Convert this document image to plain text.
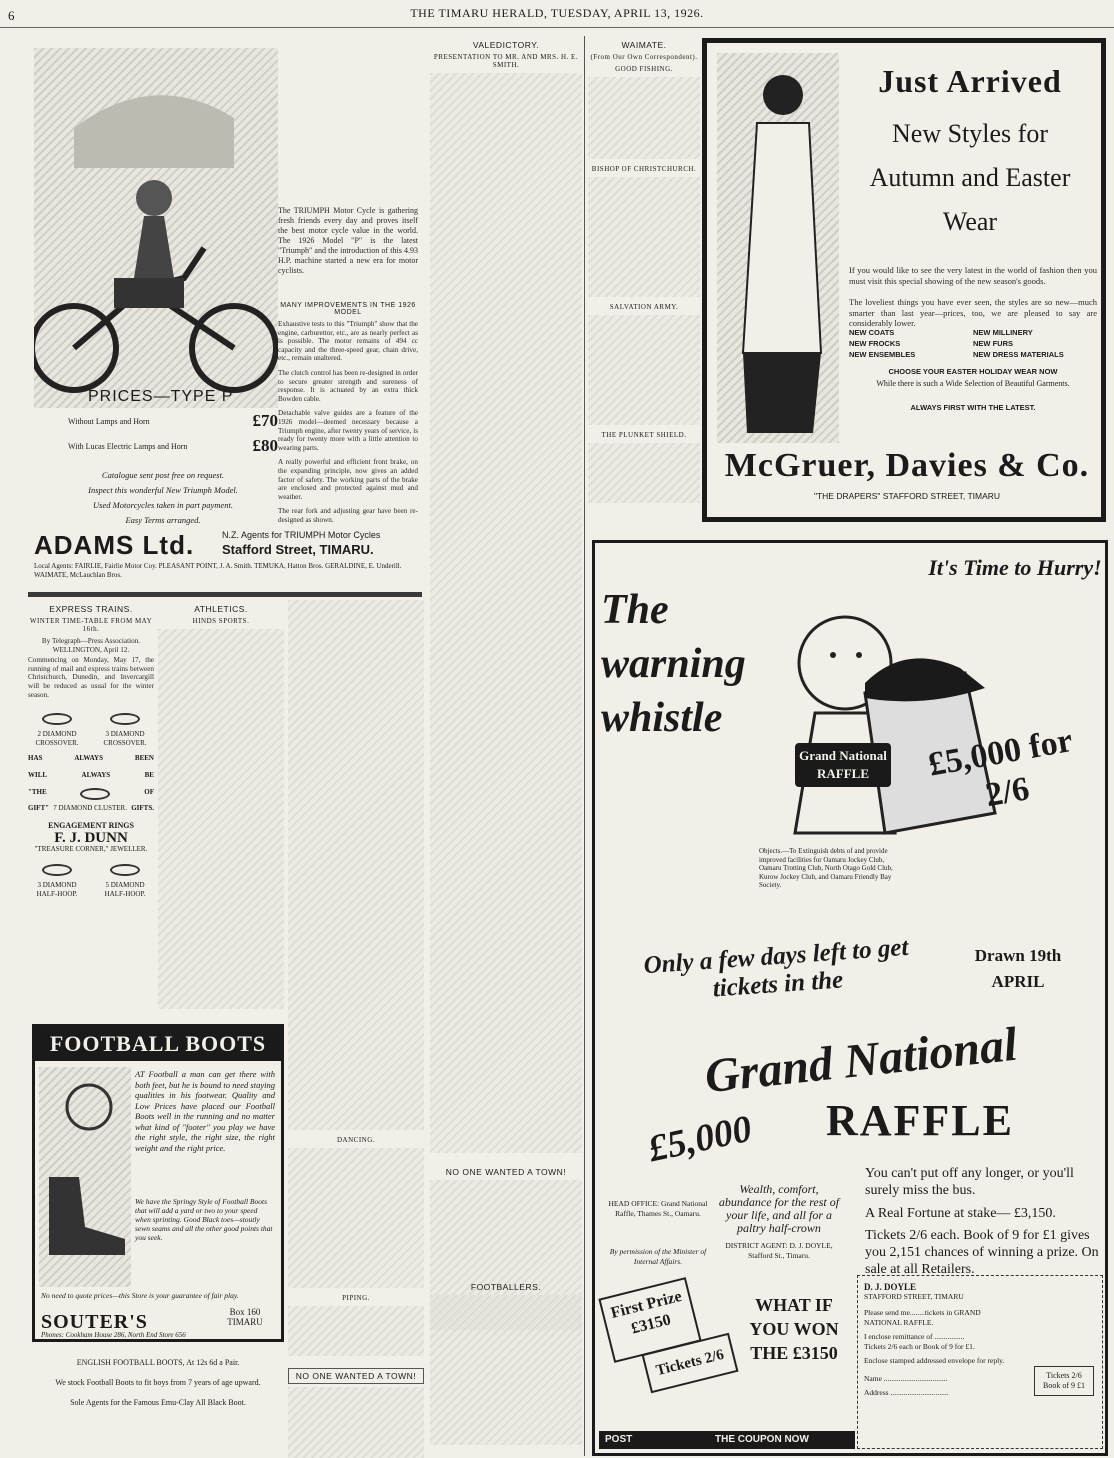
6	THE TIMARU HERALD, TUESDAY, APRIL 13, 1926.
The TRIUMPH Motor Cycle is gathering fresh friends every day and proves itself the best motor cycle value in the world. The 1926 Model "P" is the latest "Triumph" and the introduction of this 4.93 H.P. machine started a new era for motor cyclists.
MANY IMPROVEMENTS IN THE 1926 MODEL

Exhaustive tests to this "Triumph" show that the engine, carburettor, etc., are as nearly perfect as is possible. The motor remains of 494 cc capacity and the three-speed gear, chain drive, etc., remain unaltered.

The clutch control has been re-designed in order to secure greater strength and sureness of response. It is actuated by an extra thick Bowden cable.

Detachable valve guides are a feature of the 1926 model—deemed necessary because a Triumph engine, after twenty years of service, is ready for twenty more with a little attention to wearing parts.

A really powerful and efficient front brake, on the expanding principle, now gives an added factor of safety. The working parts of the brake are enclosed and protected against mud and weather.

The rear fork and adjusting gear have been re-designed as shown.

PRICES—TYPE P
Without Lamps and Horn	£70
With Lucas Electric Lamps and Horn	£80
Catalogue sent post free on request.
Inspect this wonderful New Triumph Model.
Used Motorcycles taken in part payment.
Easy Terms arranged.
ADAMS Ltd.	N.Z. Agents for TRIUMPH Motor Cycles
Stafford Street, TIMARU.
Local Agents: FAIRLIE, Fairlie Motor Coy. PLEASANT POINT, J. A. Smith. TEMUKA, Hatton Bros. GERALDINE, E. Underill. WAIMATE, McLauchlan Bros.
VALEDICTORY.
PRESENTATION TO MR. AND MRS. H. E. SMITH.
NO ONE WANTED A TOWN!
WAIMATE.
(From Our Own Correspondent).
GOOD FISHING.
BISHOP OF CHRISTCHURCH.
SALVATION ARMY.
THE PLUNKET SHIELD.
Just Arrived
New Styles for
Autumn and Easter
Wear
If you would like to see the very latest in the world of fashion then you must visit this special showing of the new season's goods.
The loveliest things you have ever seen, the styles are so new—much smarter than last year—prices, too, we are pleased to say are considerably lower.
NEW COATS	NEW MILLINERY
NEW FROCKS	NEW FURS
NEW ENSEMBLES	NEW DRESS MATERIALS
CHOOSE YOUR EASTER HOLIDAY WEAR NOW
While there is such a Wide Selection of Beautiful Garments.
ALWAYS FIRST WITH THE LATEST.
McGruer, Davies & Co.
"THE DRAPERS" STAFFORD STREET, TIMARU
EXPRESS TRAINS.
WINTER TIME-TABLE FROM MAY 16th.
By Telegraph—Press Association. WELLINGTON, April 12.
Commencing on Monday, May 17, the running of mail and express trains between Christchurch, Dunedin, and Invercargill will be reduced as usual for the winter season.
2 DIAMOND CROSSOVER.
3 DIAMOND CROSSOVER.
HAS	ALWAYS	BEEN
WILL	ALWAYS	BE
"THE	OF
GIFT" 7 DIAMOND CLUSTER. GIFTS.
ENGAGEMENT RINGS
F. J. DUNN
"TREASURE CORNER," JEWELLER.
3 DIAMOND HALF-HOOP.
5 DIAMOND HALF-HOOP.
ATHLETICS.
HINDS SPORTS.
DANCING.
PIPING.
NO ONE WANTED A TOWN!
FOOTBALLERS.
FOOTBALL BOOTS
AT Football a man can get there with both feet, but he is bound to need staying qualities in his footwear. Quality and Low Prices have placed our Football Boots well in the running and no matter what kind of "footer" you play we have the right style, the right size, the right weight and the right price.
We have the Springy Style of Football Boots that will add a yard or two to your speed when sprinting. Good Black toes—stoutly sewn seams and all the other good points that you seek.
No need to quote prices—this Store is your guarantee of fair play.
SOUTER'S	Box 160 TIMARU
Phones: Cookham House 286, North End Store 656
ENGLISH FOOTBALL BOOTS, At 12s 6d a Pair.
We stock Football Boots to fit boys from 7 years of age upward.
Sole Agents for the Famous Emu-Clay All Black Boot.
The warning whistle
It's Time to Hurry!
Grand National RAFFLE	£5,000 for 2/6
Objects.—To Extinguish debts of and provide improved facilities for Oamaru Jockey Club, Oamaru Trotting Club, North Otago Gold Club, Kurow Jockey Club, and Oamaru Friendly Bay Society.
Only a few days left to get tickets in the
Drawn 19th APRIL
Grand National
£5,000	RAFFLE
You can't put off any longer, or you'll surely miss the bus.
A Real Fortune at stake— £3,150.
Tickets 2/6 each. Book of 9 for £1 gives you 2,151 chances of winning a prize. On sale at all Retailers.
HEAD OFFICE: Grand National Raffle, Thames St., Oamaru.
By permission of the Minister of Internal Affairs.
Wealth, comfort, abundance for the rest of your life, and all for a paltry half-crown
DISTRICT AGENT: D. J. DOYLE, Stafford St., Timaru.
First Prize £3150
Tickets 2/6
WHAT IF YOU WON THE £3150
POST	THE COUPON NOW
D. J. DOYLE
STAFFORD STREET, TIMARU
Please send me........tickets in GRAND NATIONAL RAFFLE.
I enclose remittance of ................
Tickets 2/6 each or Book of 9 for £1.
Enclose stamped addressed envelope for reply.
Name ..................................
Address ...............................
Tickets 2/6 Book of 9 £1
